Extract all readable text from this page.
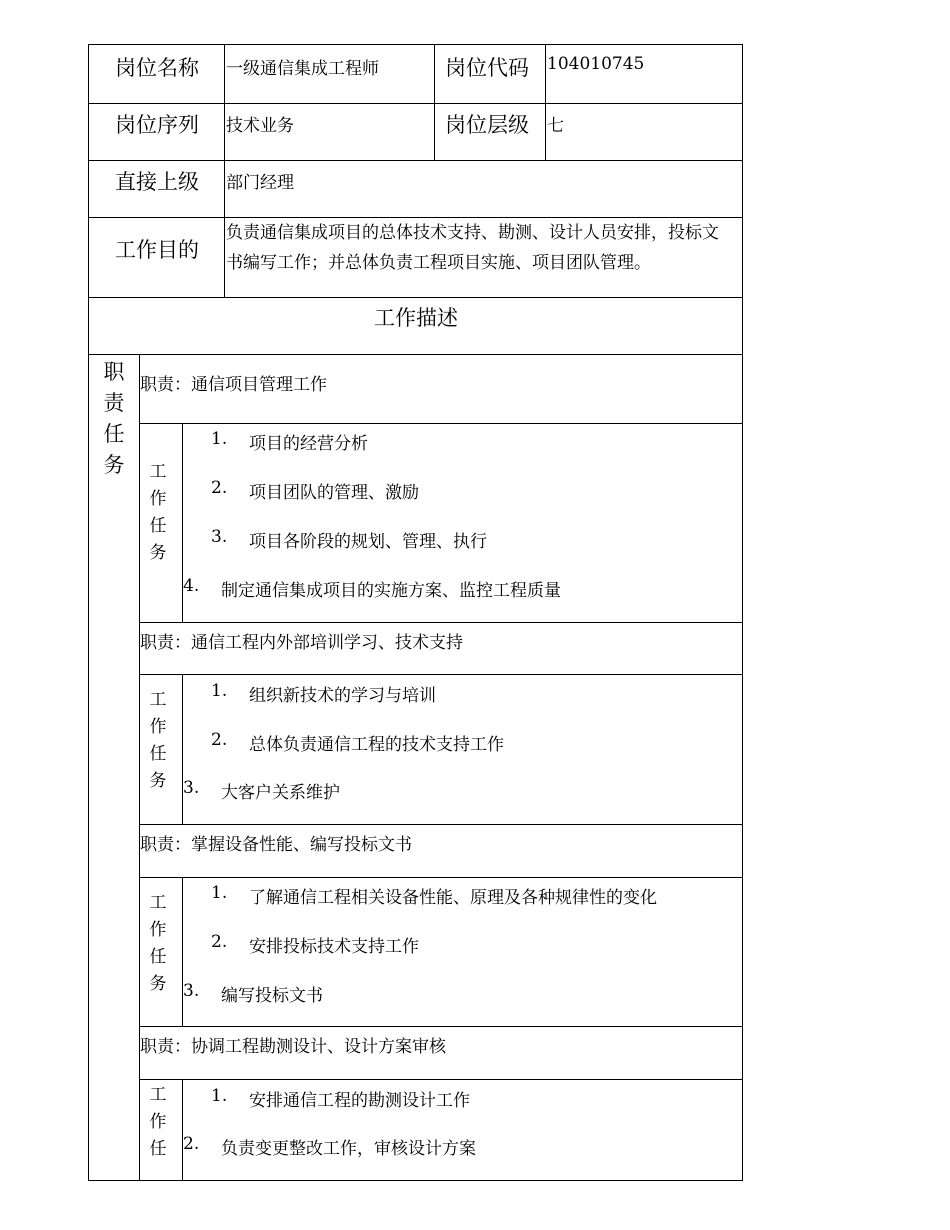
岗位名称 一级通信集成工程师	岗位代码 104010745
岗位序列 技术业务	岗位层级 七
直接上级 部门经理
工作目的
负责通信集成项目的总体技术支持、勘测、设计人员安排，投标文书编写工作；并总体负责工程项目实施、项目团队管理。
工作描述
职
责
任
务
职责：通信项目管理工作
工
作
任
务
1. 项目的经营分析
2. 项目团队的管理、激励
3. 项目各阶段的规划、管理、执行
4. 制定通信集成项目的实施方案、监控工程质量
职责：通信工程内外部培训学习、技术支持
工
作
任
务
1. 组织新技术的学习与培训
2. 总体负责通信工程的技术支持工作
3. 大客户关系维护
职责：掌握设备性能、编写投标文书
工
作
任
务
1. 了解通信工程相关设备性能、原理及各种规律性的变化
2. 安排投标技术支持工作
3. 编写投标文书
职责：协调工程勘测设计、设计方案审核
工
作
任
1. 安排通信工程的勘测设计工作
2. 负责变更整改工作，审核设计方案
